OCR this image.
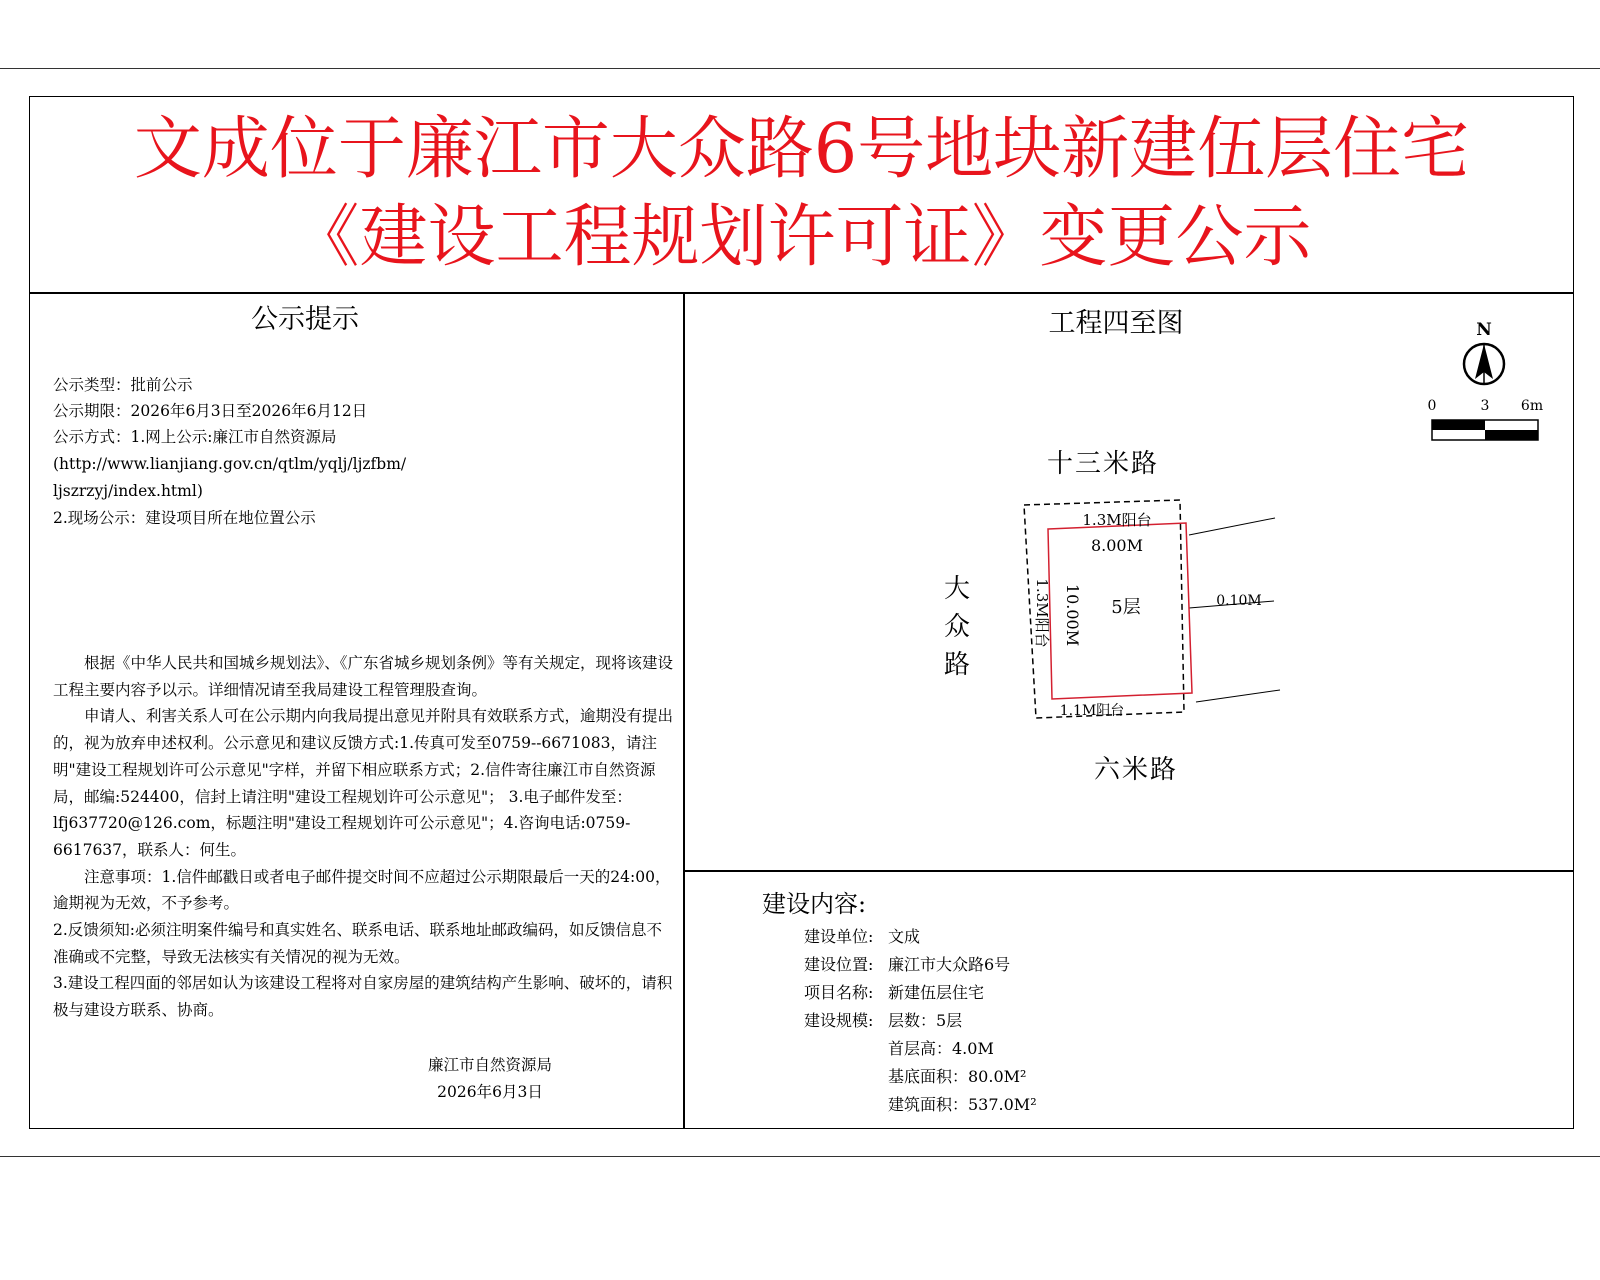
文成位于廉江市大众路6号地块新建伍层住宅
《建设工程规划许可证》变更公示
公示提示
公示类型：批前公示
公示期限：2026年6月3日至2026年6月12日
公示方式：1.网上公示:廉江市自然资源局
(http://www.lianjiang.gov.cn/qtlm/yqlj/ljzfbm/
ljszrzyj/index.html)
2.现场公示：建设项目所在地位置公示

根据《中华人民共和国城乡规划法》、《广东省城乡规划条例》等有关规定，现将该建设工程主要内容予以示。详细情况请至我局建设工程管理股查询。

申请人、利害关系人可在公示期内向我局提出意见并附具有效联系方式，逾期没有提出的，视为放弃申述权利。公示意见和建议反馈方式:1.传真可发至0759--6671083，请注明"建设工程规划许可公示意见"字样，并留下相应联系方式；2.信件寄往廉江市自然资源局，邮编:524400，信封上请注明"建设工程规划许可公示意见"； 3.电子邮件发至：lfj637720@126.com，标题注明"建设工程规划许可公示意见"；4.咨询电话:0759-6617637，联系人：何生。

注意事项：1.信件邮戳日或者电子邮件提交时间不应超过公示期限最后一天的24:00，逾期视为无效，不予参考。

2.反馈须知:必须注明案件编号和真实姓名、联系电话、联系地址邮政编码，如反馈信息不准确或不完整，导致无法核实有关情况的视为无效。

3.建设工程四面的邻居如认为该建设工程将对自家房屋的建筑结构产生影响、破坏的，请积极与建设方联系、协商。

廉江市自然资源局
2026年6月3日
工程四至图	N
0	3 6m
十三米路
六米路
大
众
路
1.3M阳台
8.00M
5层	0.10M
1.1M阳台
10.00M
1.3M阳台
建设内容:
建设单位: 文成
建设位置: 廉江市大众路6号
项目名称: 新建伍层住宅
建设规模: 层数：5层
首层高：4.0M
基底面积：80.0M²
建筑面积：537.0M²
